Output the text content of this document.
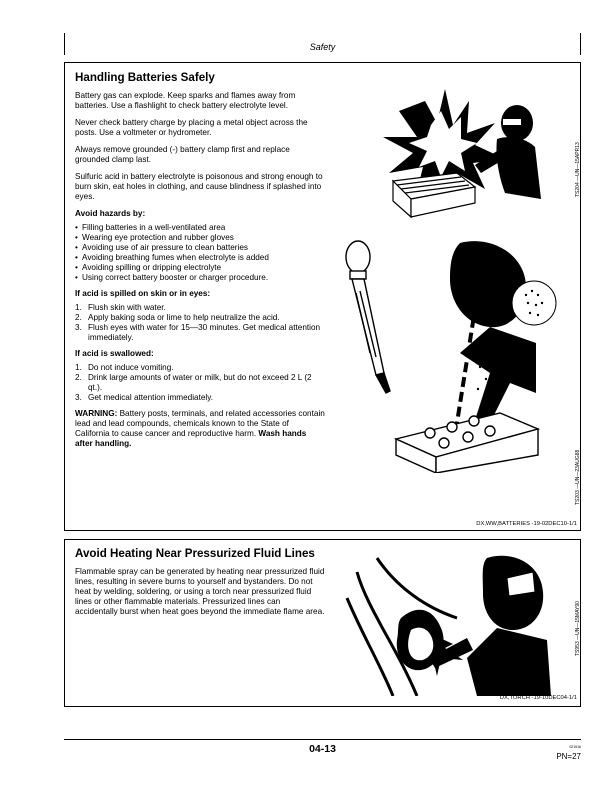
Safety
Handling Batteries Safely

Battery gas can explode. Keep sparks and flames away from batteries. Use a flashlight to check battery electrolyte level.

Never check battery charge by placing a metal object across the posts. Use a voltmeter or hydrometer.

Always remove grounded (-) battery clamp first and replace grounded clamp last.

Sulfuric acid in battery electrolyte is poisonous and strong enough to burn skin, eat holes in clothing, and cause blindness if splashed into eyes.

Avoid hazards by:
• Filling batteries in a well-ventilated area
• Wearing eye protection and rubber gloves
• Avoiding use of air pressure to clean batteries
• Avoiding breathing fumes when electrolyte is added
• Avoiding spilling or dripping electrolyte
• Using correct battery booster or charger procedure.
If acid is spilled on skin or in eyes:
1. Flush skin with water.
2. Apply baking soda or lime to help neutralize the acid.
3. Flush eyes with water for 15—30 minutes. Get medical attention immediately.
If acid is swallowed:
1. Do not induce vomiting.
2. Drink large amounts of water or milk, but do not exceed 2 L (2 qt.).
3. Get medical attention immediately.

WARNING: Battery posts, terminals, and related accessories contain lead and lead compounds, chemicals known to the State of California to cause cancer and reproductive harm. Wash hands after handling.

TS204 —UN—15APR13
TS203 —UN—23AUG88
DX,WW,BATTERIES -19-02DEC10-1/1
Avoid Heating Near Pressurized Fluid Lines

Flammable spray can be generated by heating near pressurized fluid lines, resulting in severe burns to yourself and bystanders. Do not heat by welding, soldering, or using a torch near pressurized fluid lines or other flammable materials. Pressurized lines can accidentally burst when heat goes beyond the immediate flame area.	TS953 —UN—15MAY90
DX,TORCH -19-10DEC04-1/1
04-13	021516
PN=27
